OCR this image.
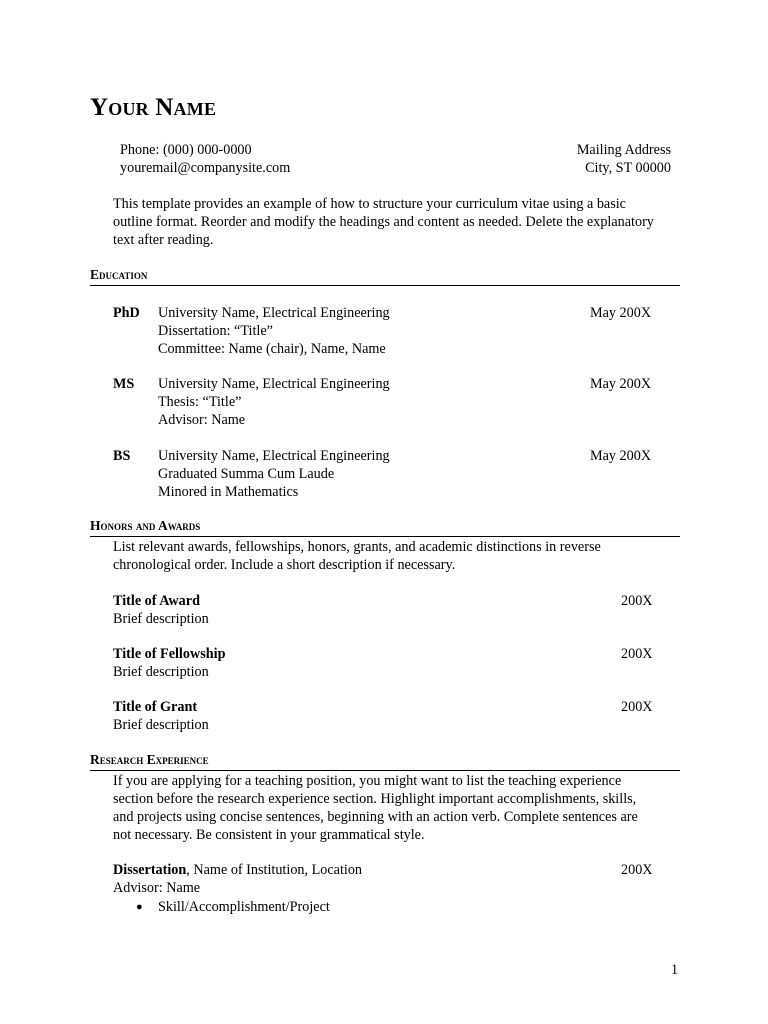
Your Name
Phone: (000) 000-0000
youremail@companysite.com
Mailing Address
City, ST 00000
This template provides an example of how to structure your curriculum vitae using a basic
outline format. Reorder and modify the headings and content as needed. Delete the explanatory
text after reading.
Education
PhD University Name, Electrical Engineering
Dissertation: “Title”
Committee: Name (chair), Name, Name
May 200X
MS University Name, Electrical Engineering
Thesis: “Title”
Advisor: Name
May 200X
BS University Name, Electrical Engineering
Graduated Summa Cum Laude
Minored in Mathematics
May 200X
Honors and Awards
List relevant awards, fellowships, honors, grants, and academic distinctions in reverse
chronological order. Include a short description if necessary.
Title of Award
Brief description
200X
Title of Fellowship
Brief description
200X
Title of Grant
Brief description
200X
Research Experience
If you are applying for a teaching position, you might want to list the teaching experience
section before the research experience section. Highlight important accomplishments, skills,
and projects using concise sentences, beginning with an action verb. Complete sentences are
not necessary. Be consistent in your grammatical style.
Dissertation, Name of Institution, Location	200X
Advisor: Name
● Skill/Accomplishment/Project
1
